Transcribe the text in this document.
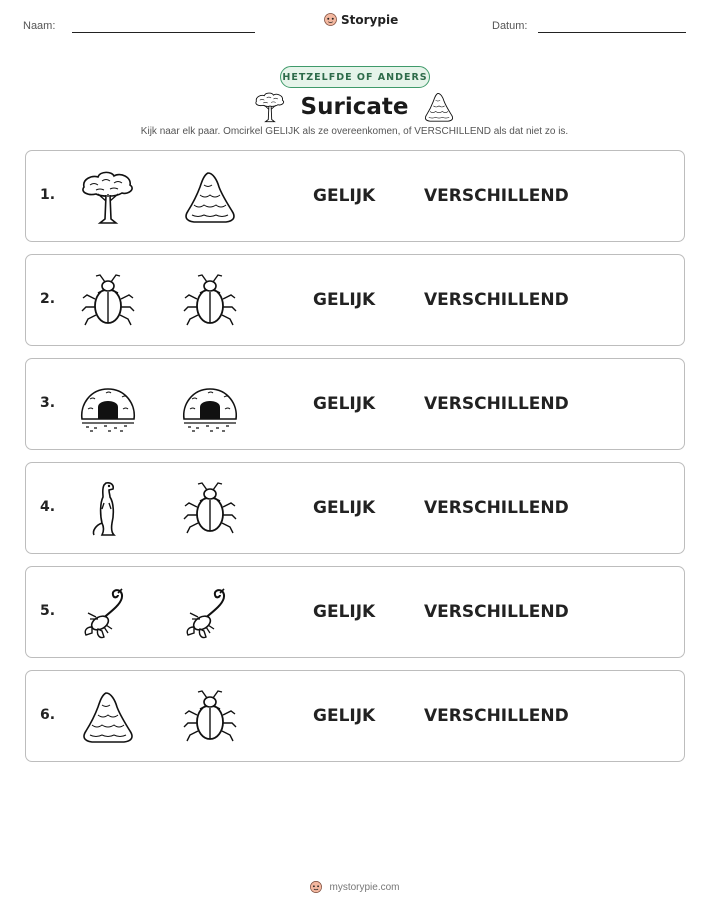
Naam:	Storypie	Datum:
HETZELFDE OF ANDERS
Suricate
Kijk naar elk paar. Omcirkel GELIJK als ze overeenkomen, of VERSCHILLEND als dat niet zo is.
1.	GELIJK	VERSCHILLEND
2.	GELIJK	VERSCHILLEND
3.	GELIJK	VERSCHILLEND
4.	GELIJK	VERSCHILLEND
5.	GELIJK	VERSCHILLEND
6.	GELIJK	VERSCHILLEND
mystorypie.com
